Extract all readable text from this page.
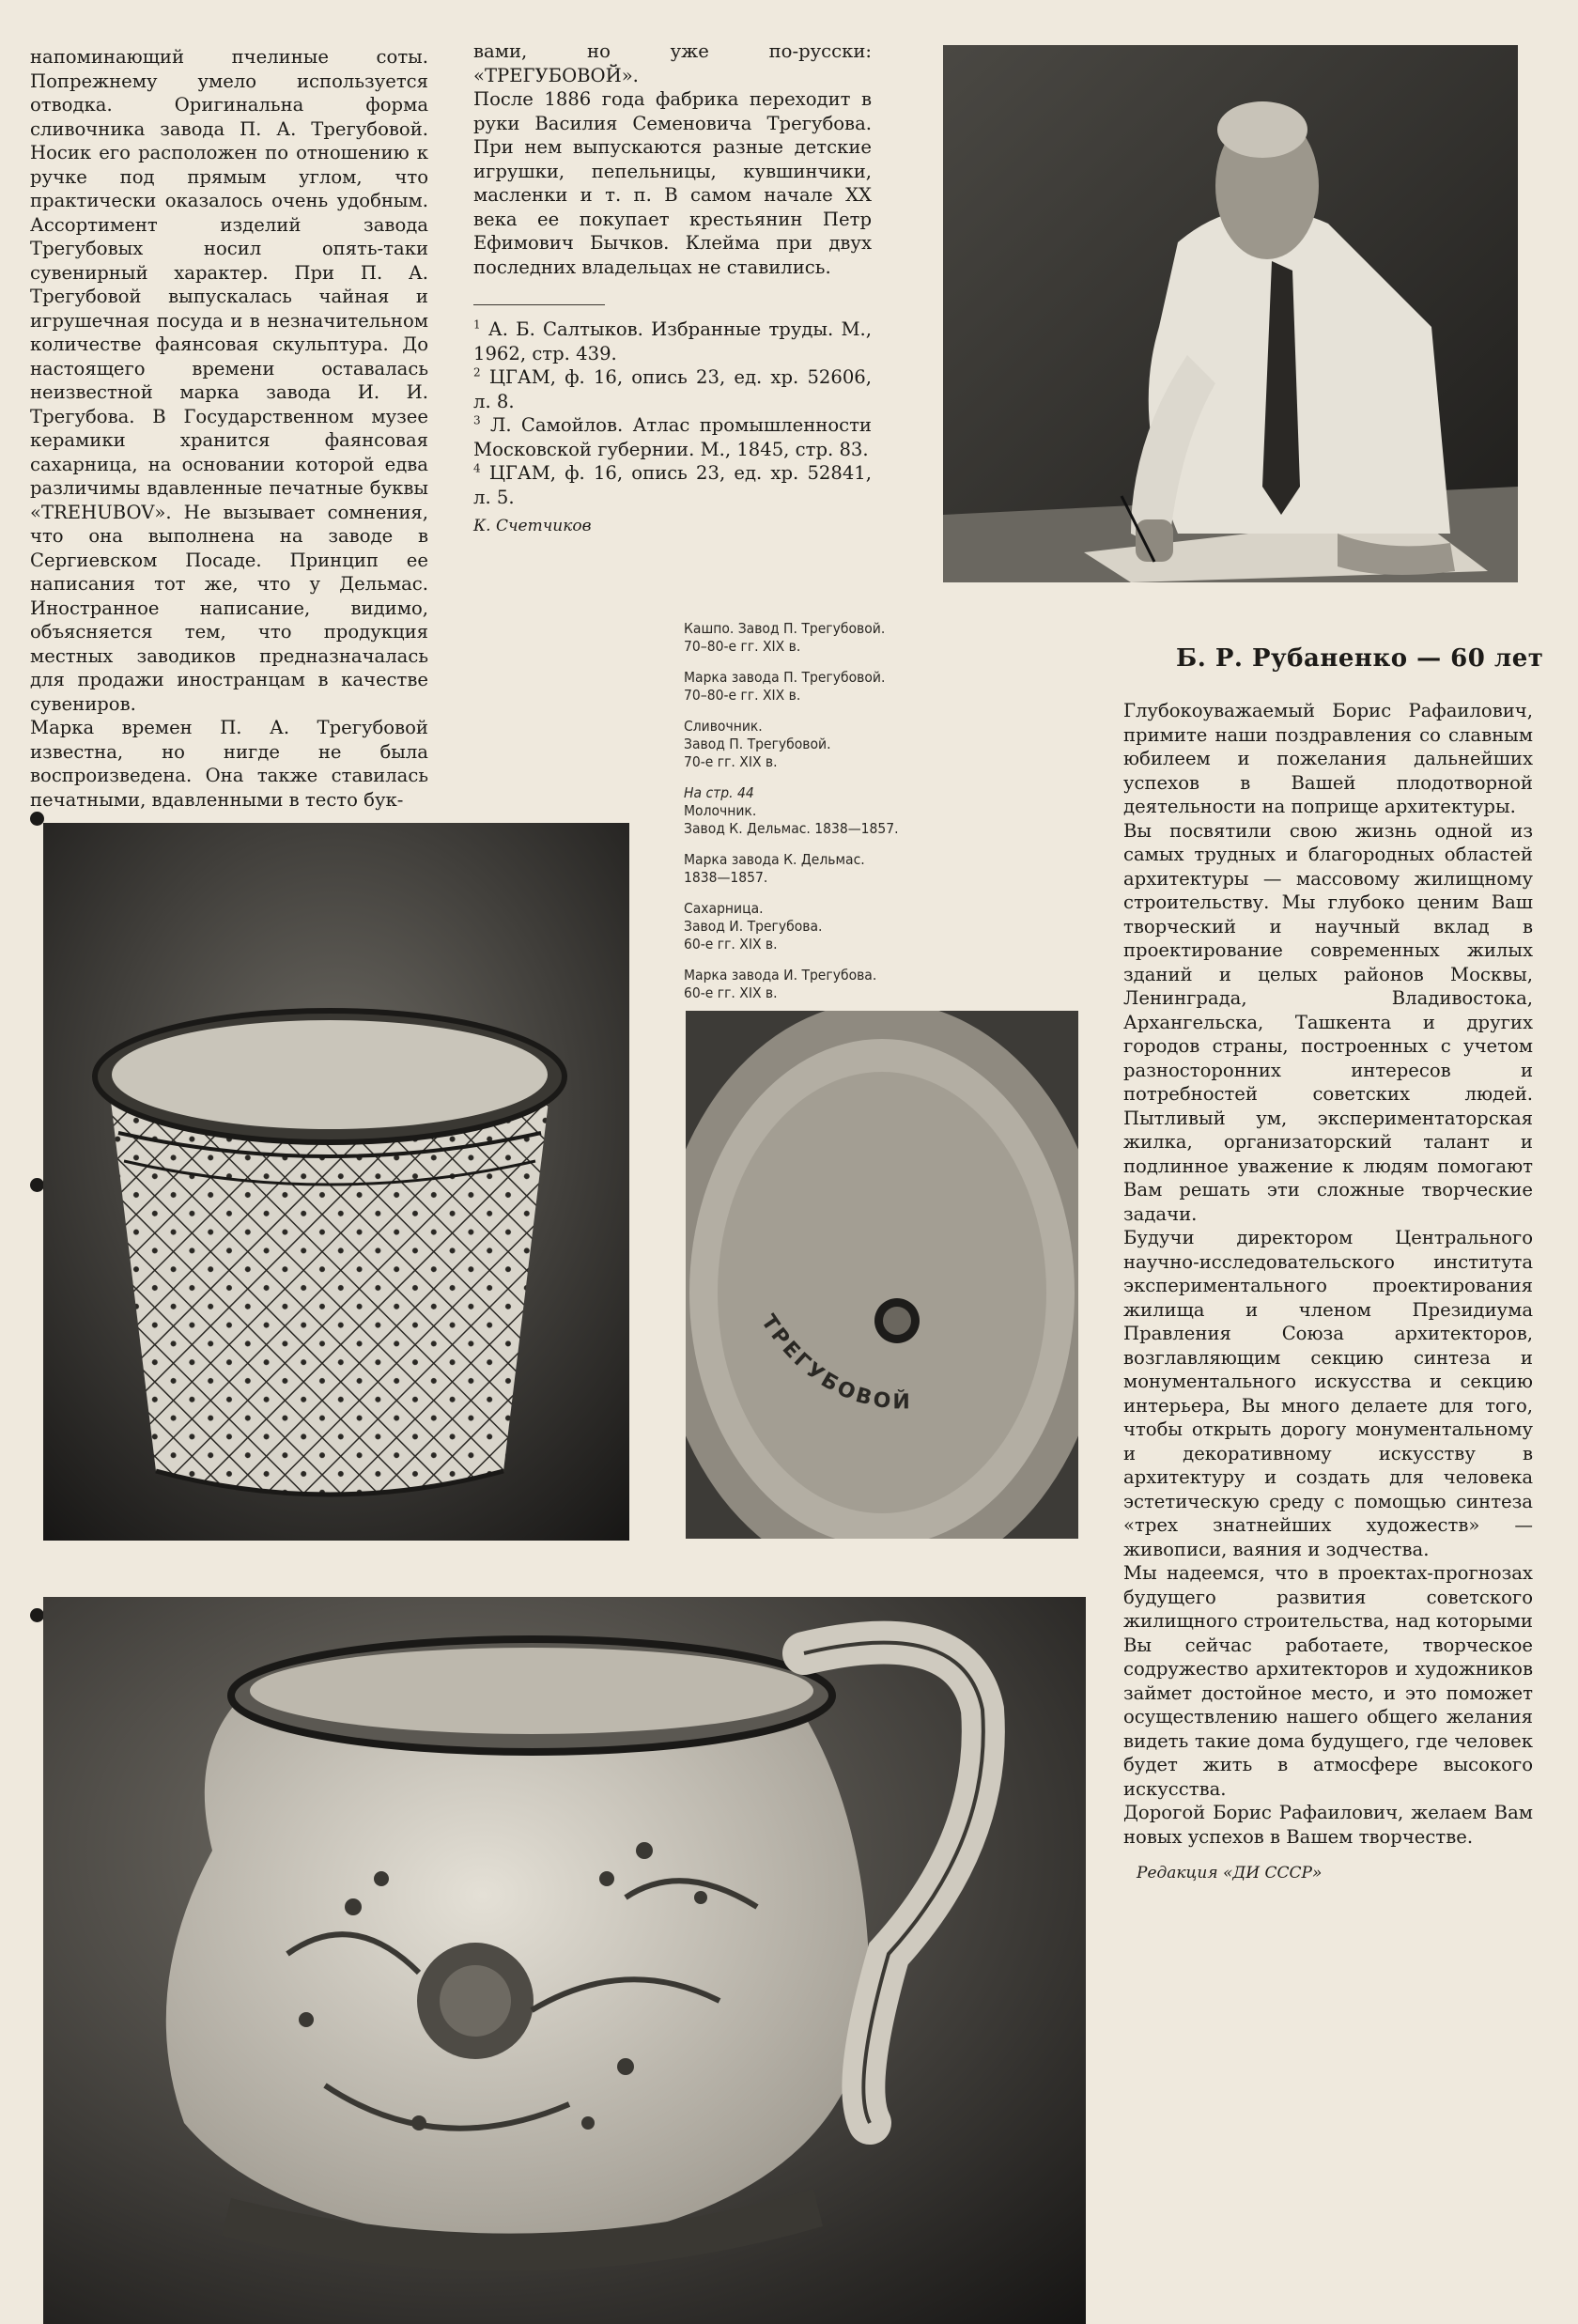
напоминающий пчелиные соты. Попрежнему умело используется отводка. Оригинальна форма сливочника завода П. А. Трегубовой. Носик его расположен по отношению к ручке под прямым углом, что практически оказалось очень удобным. Ассортимент изделий завода Трегубовых носил опять-таки сувенирный характер. При П. А. Трегубовой выпускалась чайная и игрушечная посуда и в незначительном количестве фаянсовая скульптура. До настоящего времени оставалась неизвестной марка завода И. И. Трегубова. В Государственном музее керамики хранится фаянсовая сахарница, на основании которой едва различимы вдавленные печатные буквы «TREHUBOV». Не вызывает сомнения, что она выполнена на заводе в Сергиевском Посаде. Принцип ее написания тот же, что у Дельмас. Иностранное написание, видимо, объясняется тем, что продукция местных заводиков предназначалась для продажи иностранцам в качестве сувениров.

Марка времен П. А. Трегубовой известна, но нигде не была воспроизведена. Она также ставилась печатными, вдавленными в тесто бук-

вами, но уже по-русски: «ТРЕГУБОВОЙ».

После 1886 года фабрика переходит в руки Василия Семеновича Трегубова. При нем выпускаются разные детские игрушки, пепельницы, кувшинчики, масленки и т. п. В самом начале XX века ее покупает крестьянин Петр Ефимович Бычков. Клейма при двух последних владельцах не ставились.

$^1$ А. Б. Салтыков. Избранные труды. М., 1962, стр. 439.

$^2$ ЦГАМ, ф. 16, опись 23, ед. хр. 52606, л. 8.

$^3$ Л. Самойлов. Атлас промышленности Московской губернии. М., 1845, стр. 83.

$^4$ ЦГАМ, ф. 16, опись 23, ед. хр. 52841, л. 5.

К. Счетчиков

Б. Р. Рубаненко — 60 лет

Глубокоуважаемый Борис Рафаилович, примите наши поздравления со славным юбилеем и пожелания дальнейших успехов в Вашей плодотворной деятельности на поприще архитектуры.

Вы посвятили свою жизнь одной из самых трудных и благородных областей архитектуры — массовому жилищному строительству. Мы глубоко ценим Ваш творческий и научный вклад в проектирование современных жилых зданий и целых районов Москвы, Ленинграда, Владивостока, Архангельска, Ташкента и других городов страны, построенных с учетом разносторонних интересов и потребностей советских людей. Пытливый ум, экспериментаторская жилка, организаторский талант и подлинное уважение к людям помогают Вам решать эти сложные творческие задачи.

Будучи директором Центрального научно-исследовательского института экспериментального проектирования жилища и членом Президиума Правления Союза архитекторов, возглавляющим секцию синтеза и монументального искусства и секцию интерьера, Вы много делаете для того, чтобы открыть дорогу монументальному и декоративному искусству в архитектуру и создать для человека эстетическую среду с помощью синтеза «трех знатнейших художеств» — живописи, ваяния и зодчества.

Мы надеемся, что в проектах-прогнозах будущего развития советского жилищного строительства, над которыми Вы сейчас работаете, творческое содружество архитекторов и художников займет достойное место, и это поможет осуществлению нашего общего желания видеть такие дома будущего, где человек будет жить в атмосфере высокого искусства.

Дорогой Борис Рафаилович, желаем Вам новых успехов в Вашем творчестве.

Редакция «ДИ СССР»

Кашпо. Завод П. Трегубовой.
70–80-е гг. XIX в.
Марка завода П. Трегубовой.
70–80-е гг. XIX в.
Сливочник.
Завод П. Трегубовой.
70-е гг. XIX в.
На стр. 44
Молочник.
Завод К. Дельмас. 1838—1857.
Марка завода К. Дельмас.
1838—1857.
Сахарница.
Завод И. Трегубова.
60-е гг. XIX в.
Марка завода И. Трегубова.
60-е гг. XIX в.
ТРЕГУБОВОЙ
